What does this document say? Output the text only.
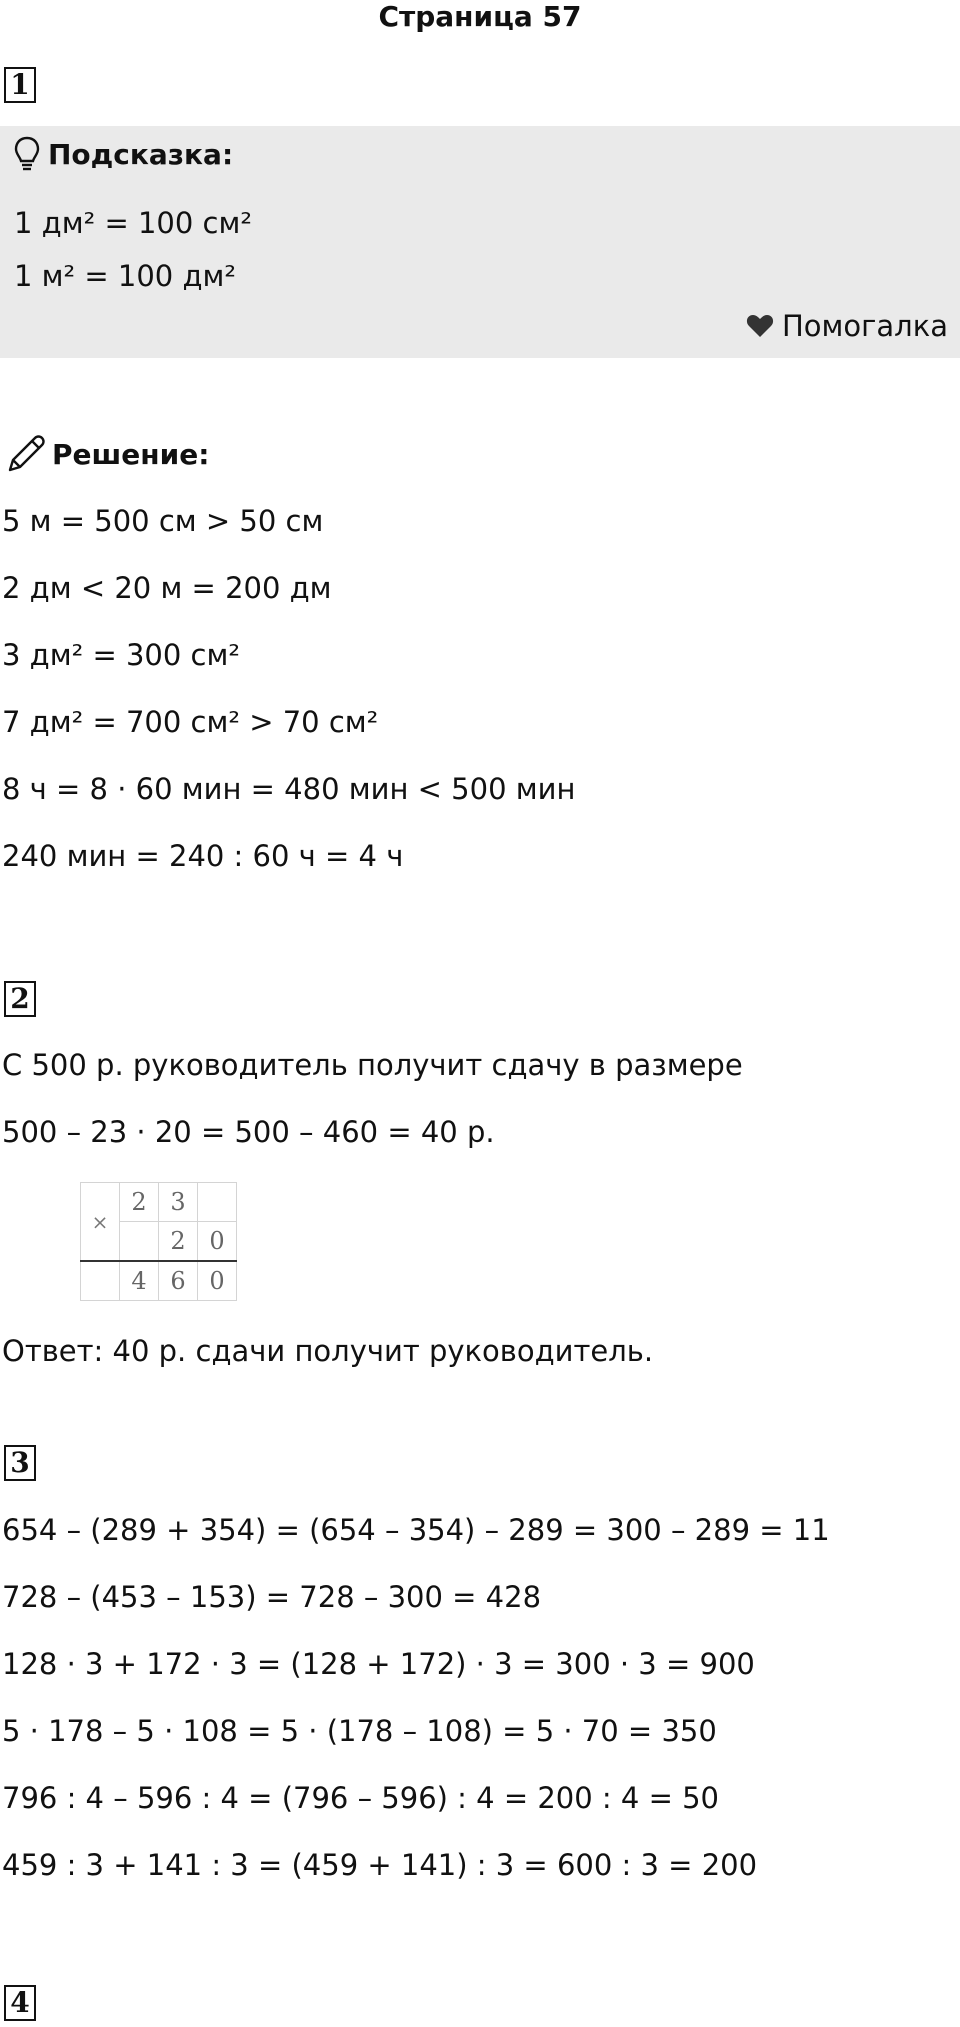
Страница 57
1
Подсказка:
1 дм² = 100 см²
1 м² = 100 дм²
Помогалка
Решение:
5 м = 500 см > 50 см
2 дм < 20 м = 200 дм
3 дм² = 300 см²
7 дм² = 700 см² > 70 см²
8 ч = 8 · 60 мин = 480 мин < 500 мин
240 мин = 240 : 60 ч = 4 ч
2
С 500 р. руководитель получит сдачу в размере
500 – 23 · 20 = 500 – 460 = 40 р.
×	2	3	
		2	0
	4	6	0
Ответ: 40 р. сдачи получит руководитель.
3
654 – (289 + 354) = (654 – 354) – 289 = 300 – 289 = 11
728 – (453 – 153) = 728 – 300 = 428
128 · 3 + 172 · 3 = (128 + 172) · 3 = 300 · 3 = 900
5 · 178 – 5 · 108 = 5 · (178 – 108) = 5 · 70 = 350
796 : 4 – 596 : 4 = (796 – 596) : 4 = 200 : 4 = 50
459 : 3 + 141 : 3 = (459 + 141) : 3 = 600 : 3 = 200
4
